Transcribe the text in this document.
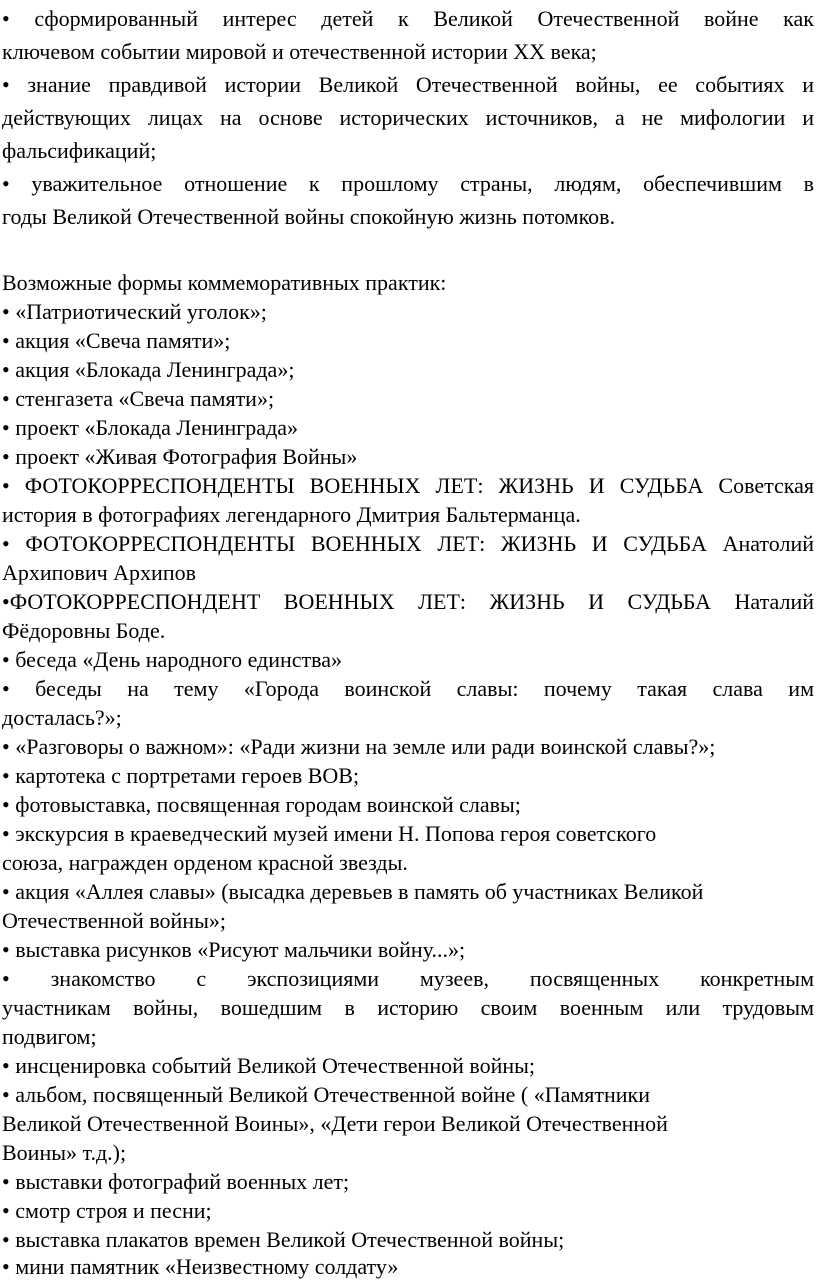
• сформированный интерес детей к Великой Отечественной войне как
ключевом событии мировой и отечественной истории XX века;
• знание правдивой истории Великой Отечественной войны, ее событиях и
действующих лицах на основе исторических источников, а не мифологии и
фальсификаций;
• уважительное отношение к прошлому страны, людям, обеспечившим в
годы Великой Отечественной войны спокойную жизнь потомков.
Возможные формы коммеморативных практик:
• «Патриотический уголок»;
• акция «Свеча памяти»;
• акция «Блокада Ленинграда»;
• стенгазета «Свеча памяти»;
• проект «Блокада Ленинграда»
• проект «Живая Фотография Войны»
• ФОТОКОРРЕСПОНДЕНТЫ ВОЕННЫХ ЛЕТ: ЖИЗНЬ И СУДЬБА Советская
история в фотографиях легендарного Дмитрия Бальтерманца.
• ФОТОКОРРЕСПОНДЕНТЫ ВОЕННЫХ ЛЕТ: ЖИЗНЬ И СУДЬБА Анатолий
Архипович Архипов
•ФОТОКОРРЕСПОНДЕНТ ВОЕННЫХ ЛЕТ: ЖИЗНЬ И СУДЬБА Наталий
Фёдоровны Боде.
• беседа «День народного единства»
• беседы на тему «Города воинской славы: почему такая слава им
досталась?»;
• «Разговоры о важном»: «Ради жизни на земле или ради воинской славы?»;
• картотека с портретами героев ВОВ;
• фотовыставка, посвященная городам воинской славы;
• экскурсия в краеведческий музей имени Н. Попова героя советского
союза, награжден орденом красной звезды.
• акция «Аллея славы» (высадка деревьев в память об участниках Великой
Отечественной войны»;
• выставка рисунков «Рисуют мальчики войну...»;
• знакомство с экспозициями музеев, посвященных конкретным
участникам войны, вошедшим в историю своим военным или трудовым
подвигом;
• инсценировка событий Великой Отечественной войны;
• альбом, посвященный Великой Отечественной войне ( «Памятники
Великой Отечественной Воины», «Дети герои Великой Отечественной
Воины» т.д.);
• выставки фотографий военных лет;
• смотр строя и песни;
• выставка плакатов времен Великой Отечественной войны;
• мини памятник «Неизвестному солдату»
